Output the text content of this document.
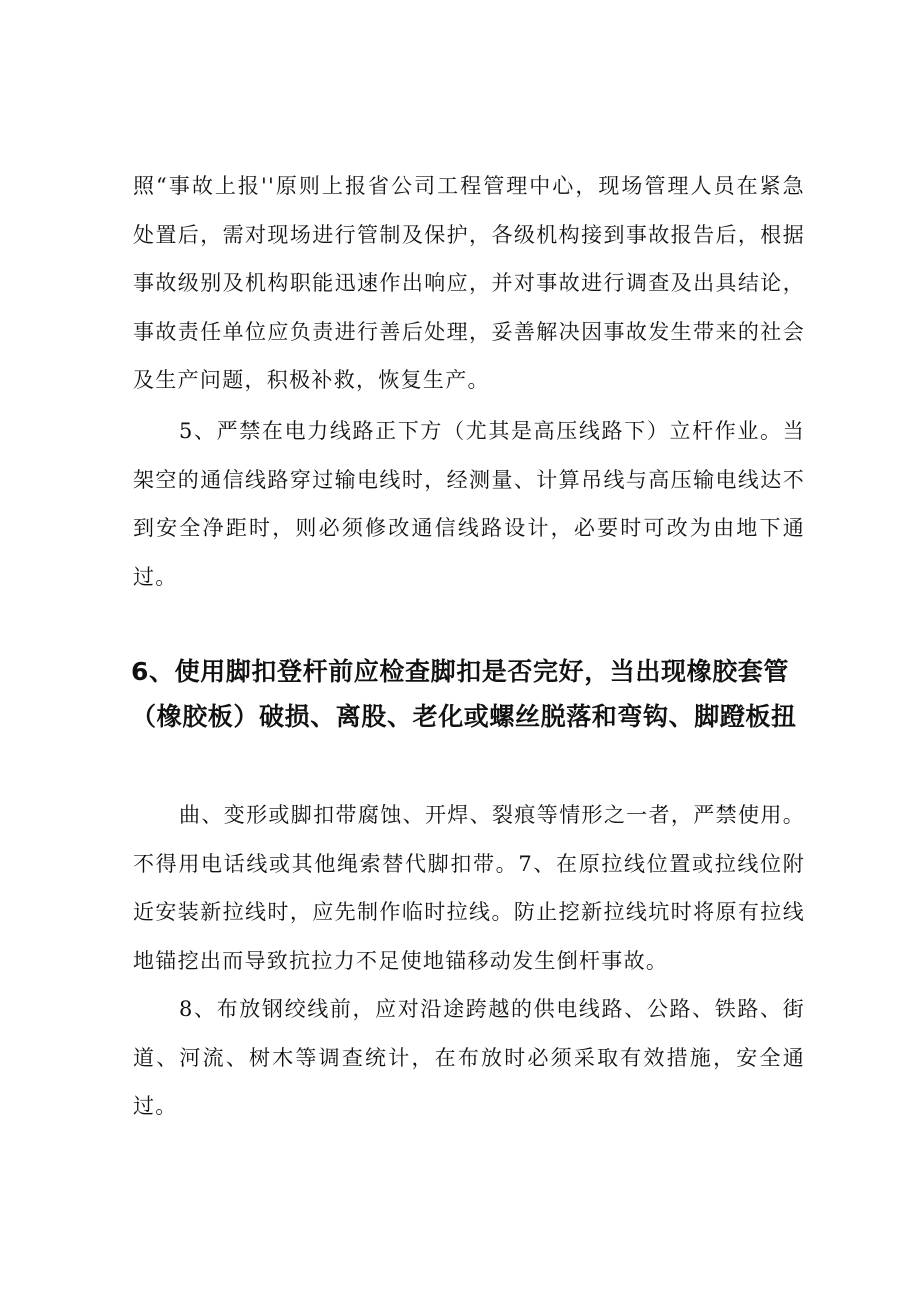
照“事故上报''原则上报省公司工程管理中心，现场管理人员在紧急处置后，需对现场进行管制及保护，各级机构接到事故报告后，根据事故级别及机构职能迅速作出响应，并对事故进行调查及出具结论，事故责任单位应负责进行善后处理，妥善解决因事故发生带来的社会及生产问题，积极补救，恢复生产。

5、严禁在电力线路正下方（尤其是高压线路下）立杆作业。当架空的通信线路穿过输电线时，经测量、计算吊线与高压输电线达不到安全净距时，则必须修改通信线路设计，必要时可改为由地下通过。

6、使用脚扣登杆前应检查脚扣是否完好，当出现橡胶套管（橡胶板）破损、离股、老化或螺丝脱落和弯钩、脚蹬板扭

曲、变形或脚扣带腐蚀、开焊、裂痕等情形之一者，严禁使用。不得用电话线或其他绳索替代脚扣带。7、在原拉线位置或拉线位附近安装新拉线时，应先制作临时拉线。防止挖新拉线坑时将原有拉线地锚挖出而导致抗拉力不足使地锚移动发生倒杆事故。

8、布放钢绞线前，应对沿途跨越的供电线路、公路、铁路、街道、河流、树木等调查统计，在布放时必须采取有效措施，安全通过。
